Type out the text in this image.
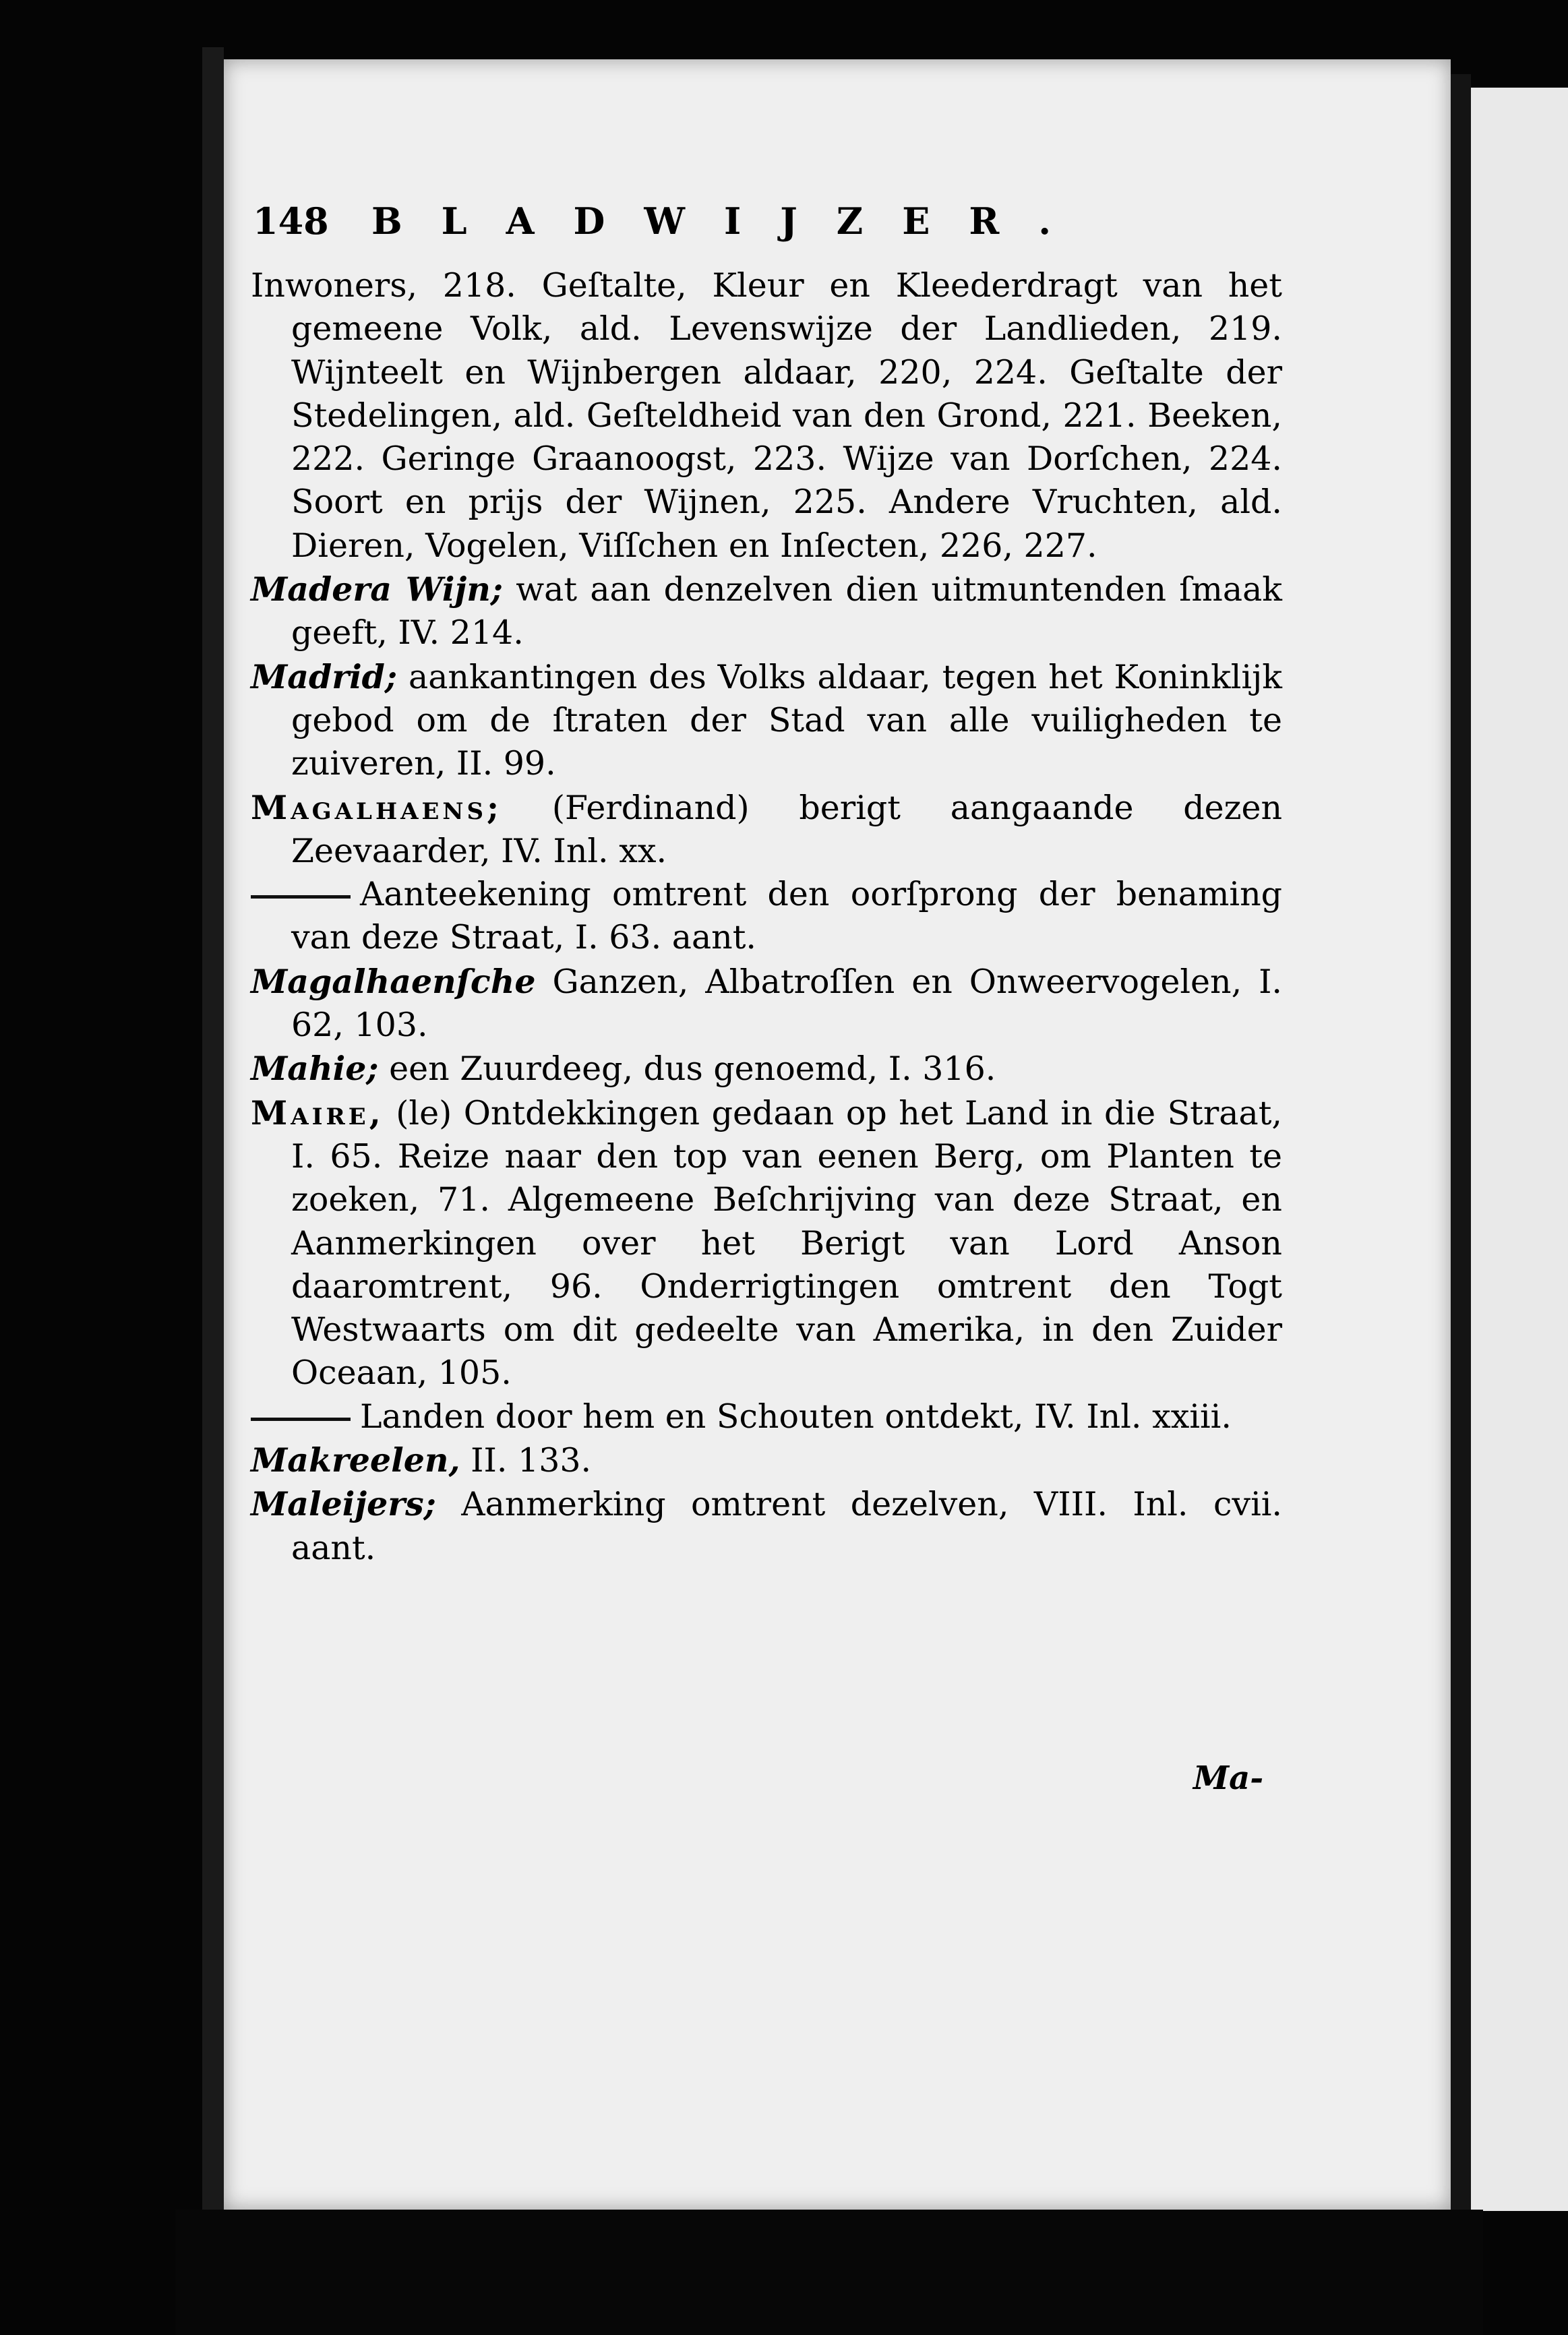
148 BLADWIJZER.

Inwoners, 218. Geſtalte, Kleur en Kleederdragt van het gemeene Volk, ald. Levenswijze der Landlieden, 219. Wijnteelt en Wijnbergen aldaar, 220, 224. Geſtalte der Stedelingen, ald. Geſteldheid van den Grond, 221. Beeken, 222. Geringe Graanoogst, 223. Wijze van Dorſchen, 224. Soort en prijs der Wijnen, 225. Andere Vruchten, ald. Dieren, Vogelen, Viſſchen en Inſecten, 226, 227.

Madera Wijn; wat aan denzelven dien uitmuntenden ſmaak geeft, IV. 214.

Madrid; aankantingen des Volks aldaar, tegen het Koninklijk gebod om de ſtraten der Stad van alle vuiligheden te zuiveren, II. 99.

Magalhaens; (Ferdinand) berigt aangaande dezen Zeevaarder, IV. Inl. xx.

Aanteekening omtrent den oorſprong der benaming van deze Straat, I. 63. aant.

Magalhaenſche Ganzen, Albatroſſen en Onweervogelen, I. 62, 103.

Mahie; een Zuurdeeg, dus genoemd, I. 316.

Maire, (le) Ontdekkingen gedaan op het Land in die Straat, I. 65. Reize naar den top van eenen Berg, om Planten te zoeken, 71. Algemeene Beſchrijving van deze Straat, en Aanmerkingen over het Berigt van Lord Anson daaromtrent, 96. Onderrigtingen omtrent den Togt Westwaarts om dit gedeelte van Amerika, in den Zuider Oceaan, 105.

Landen door hem en Schouten ontdekt, IV. Inl. xxiii.

Makreelen, II. 133.

Maleijers; Aanmerking omtrent dezelven, VIII. Inl. cvii. aant.

Ma-
